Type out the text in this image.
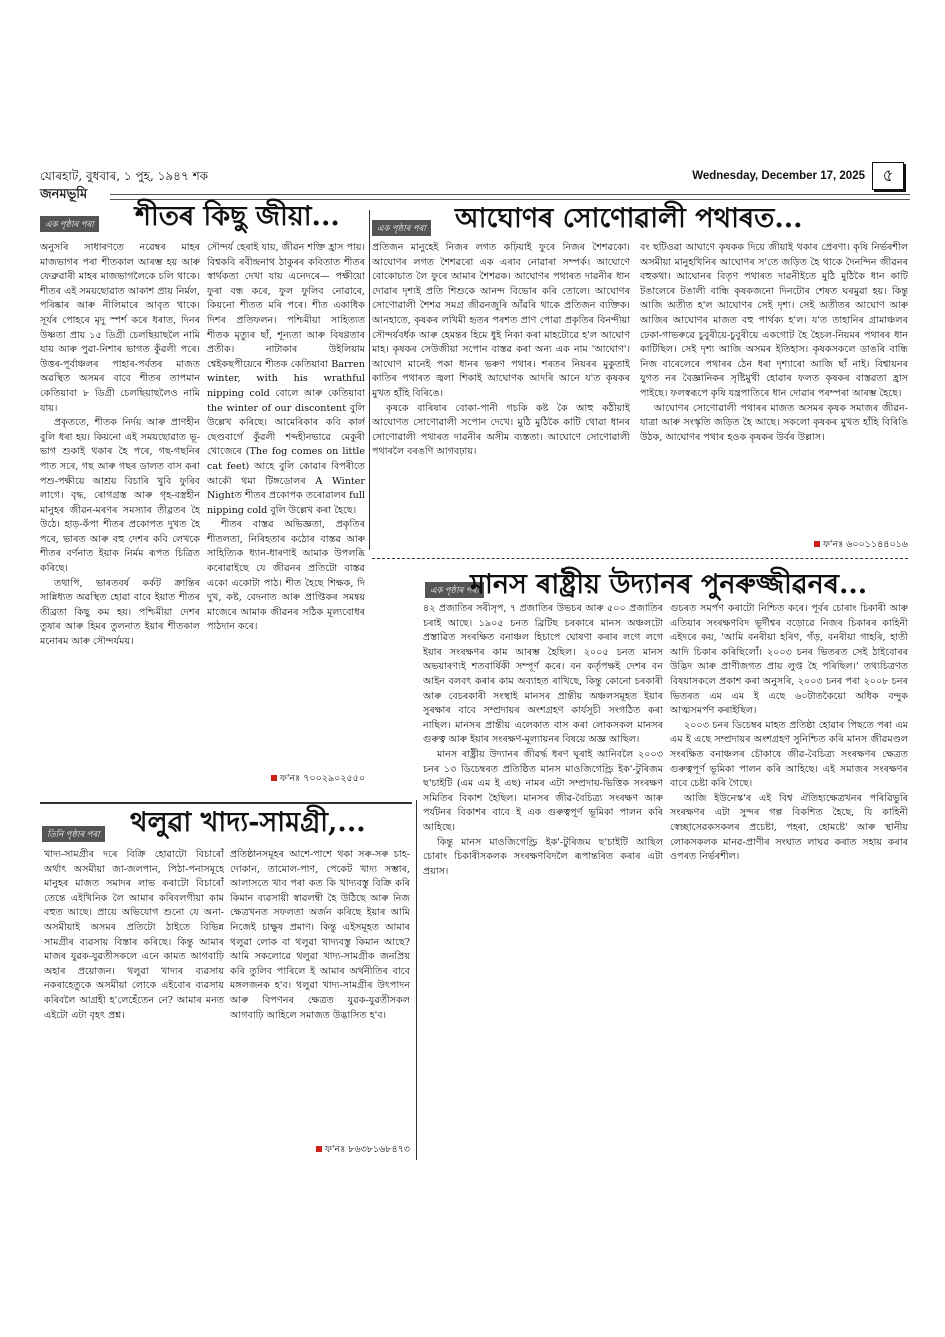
যোৰহাট, বুধবাৰ, ১ পুহ, ১৯৪৭ শক	Wednesday, December 17, 2025	৫
জনমভূমি
এক পৃষ্ঠাৰ পৰা শীতৰ কিছু জীয়া...

অনুসৰি সাধাৰণতে নৱেম্বৰ মাহৰ মাজভাগৰ পৰা শীতকাল আৰম্ভ হয় আৰু ফেব্ৰুৱাৰী মাহৰ মাজভাগলৈকে চলি থাকে। শীতৰ এই সময়ছোৱাত আকাশ প্ৰায় নিৰ্মল, পৰিষ্কাৰ আৰু নীলিমাৰে আবৃত থাকে। সূৰ্যৰ পোহৰে মৃদু স্পৰ্শ কৰে ধৰাত, দিনৰ উষ্ণতা প্ৰায় ১৫ ডিগ্ৰী চেলছিয়াছলৈ নামি যায় আৰু পুৱা-নিশাৰ ভাগত কুঁৱলী পৰে। উত্তৰ-পূৰ্বাঞ্চলৰ পাহাৰ-পৰ্বতৰ মাজত অৱস্থিত অসমৰ বাবে শীতৰ তাপমান কেতিয়াবা ৮ ডিগ্ৰী চেলছিয়াছলৈও নামি যায়।

প্ৰকৃততে, শীতক নিৰ্দয় আৰু প্ৰাণহীন বুলি ধৰা হয়। কিয়নো এই সময়ছোৱাত ভূ-ভাগ শুকাই থকাৰ হৈ পৰে, গছ-গছনিৰ পাত সৰে, গছ আৰু গছৰ ডালত বাস কৰা পশু-পক্ষীয়ে আশ্ৰয় বিচাৰি খুবি ফুৰিব লাগে। বৃদ্ধ, ৰোগগ্ৰস্ত আৰু গৃহ-বস্ত্ৰহীন মানুহৰ জীৱন-মৰণৰ সমস্যাৰ তীৱ্ৰতৰ হৈ উঠে। হাড়-কঁপা শীতৰ প্ৰকোপত দুখত হৈ পৰে, ভাৰত আৰু বহু দেশৰ কবি লেখকে শীতৰ বৰ্ণনাত ইয়াক নিৰ্মম ৰূপত চিত্ৰিত কৰিছে।

তথাপি, ভাৰতবৰ্ষ কৰ্কট ক্ৰান্তিৰ সান্নিধ্যত অৱস্থিত হোৱা বাবে ইয়াত শীতৰ তীব্ৰতা কিছু কম হয়। পশ্চিমীয়া দেশৰ তুষাৰ আৰু হিমৰ তুলনাত ইয়াৰ শীতকাল মনোৰম আৰু সৌন্দৰ্যময়।

সৌন্দৰ্য হেৰাই যায়, জীৱন শক্তি হ্ৰাস পায়। বিশ্বকবি ৰবীন্দ্ৰনাথ ঠাকুৰৰ কবিতাত শীতৰ স্বাৰ্থকতা দেখা যায় এনেদৰে— পক্ষীয়ো ফুৰা বন্ধ কৰে, ফুল ফুলিব নোৱাৰে, কিয়নো শীতত মৰি পৰে। শীত একাধিক দিশৰ প্ৰতিফলন। পশ্চিমীয়া সাহিত্যত শীতক মৃত্যুৰ ছাঁ, শূন্যতা আৰু বিষণ্ণতাৰ প্ৰতীক। নাটাকাৰ উইলিয়াম শ্বেইকছপীয়েৰে শীতক কেতিয়াবা Barren winter, with his wrathful nipping cold বোলে আৰু কেতিয়াবা the winter of our discontent বুলি উল্লেখ কৰিছে। আমেৰিকাৰ কবি কাৰ্ল ছেণ্ডবাৰ্গে কুঁৱলী শব্দহীনভাৱে মেকুৰী খোজেৰে (The fog comes on little cat feet) আহে বুলি কোৱাৰ বিপৰীতে আকৌ থমা টিঙ্গডোলৰ A Winter Nightত শীতৰ প্ৰকোপক তৰোৱালৰ full nipping cold বুলি উল্লেখ কৰা হৈছে।

শীতৰ বাস্তৱ অভিজ্ঞতা, প্ৰকৃতিৰ শীতলতা, নিৰিহতাৰ কঠোৰ বাস্তৱ আৰু সাহিত্যিক ধ্যান-ধাৰণাই আমাক উপলব্ধি কৰোৱাইছে যে জীৱনৰ প্ৰতিটো বাস্তৱ একো একোটা পাঠ। শীত হৈছে শিক্ষক, দি দুখ, কষ্ট, বেদনাত আৰু প্ৰাপ্তিকৰ সমন্বয় মাজেৰে আমাক জীৱনৰ সঠিক মূল্যবোধৰ পাঠদান কৰে।

ফ'নঃ ৭০০২৯০২৫৫০
এক পৃষ্ঠাৰ পৰা আঘোণৰ সোণোৱালী পথাৰত...

প্ৰতিজন মানুহেই নিজৰ লগত কঢ়িয়াই ফুৰে নিজৰ শৈশৱকো। আঘোণৰ লগত শৈশৱৰো এক এৰাব নোৱাৰা সম্পৰ্ক। আঘোণে বোকোচাত লৈ ফুৰে আমাৰ শৈশৱক। আঘোণৰ পথাৰত দাৱনীৰ ধান দোৱাৰ দৃশ্যই প্ৰতি শিশুকে আনন্দ বিভোৰ কৰি তোলে। আঘোণৰ সোণোৱালী শৈশৱ সমগ্ৰ জীৱনজুৰি আঁৱৰি থাকে প্ৰতিজন ব্যক্তিক। আনহাতে, কৃষকৰ লখিমী হৃতৰ পৰশত প্ৰাণ পোৱা প্ৰকৃতিৰ বিনন্দীয়া সৌন্দৰ্যবৰ্ধক আৰু হেমন্তৰ হিমে ধুই নিকা কৰা মাহটোৱে হ'ল আঘোণ মাহ। কৃষকৰ সেউজীয়া সপোন বাস্তৱ কৰা অন্য এক নাম 'আঘোণ'। আঘোণ মানেই পকা ধানৰ ভৰুণ পথাৰ। শৰতৰ নিয়ৰৰ মুকুতাই কাতিৰ পথাৰত জ্বলা শিকাই আঘোণক আদৰি আনে য'ত কৃষকৰ মুখত হাঁহি বিৰিঙে।

কৃষকে বাৰিষাৰ বোকা-পানী গচকি কষ্ট কৈ আহু কঠীয়াই আঘোণত সোণোৱালী সপোন দেখে। মুঠি মুঠিকৈ কাটি থোৱা ধানৰ সোণোৱালী পথাৰত দাৱনীৰ অসীম ব্যস্ততা। আঘোণে সোণোৱালী পথাৰলৈ বৰঙণি আগবঢ়ায়।

বং ছটিওৱা আঘাণে কৃষকক দিয়ে জীয়াই থকাৰ প্ৰেৰণা। কৃষি নিৰ্ভৰশীল অসমীয়া মানুহখিনিৰ আঘোণৰ স'তে জড়িত হৈ থাকে দৈনন্দিন জীৱনৰ বহুকথা। আঘোনৰ বিতৃণ পথাৰত দাৱনীইতে মুঠি মুঠিকৈ ধান কাটি টঙালেৰে টঙালী বান্ধি কৃষকজনো দিনটোৰ শেষত ঘৰমুৱা হয়। কিন্তু আজি অতীত হ'ল আঘোণৰ সেই দৃশ্য। সেই অতীতৰ আঘোণ আৰু আজিৰ আঘোণৰ মাজত বহু পাৰ্থক্য হ'ল। য'ত তাহানিৰ গ্ৰামাঞ্চলৰ ঢেকা-গাভৰুৱে চুবুৰীয়ে-চুবুৰীয়ে একগোট হৈ হৈচল-নিয়মৰ পথাৰৰ ধান কাটিছিল। সেই দৃশ্য আজি অসমৰ ইতিহাস। কৃষকসকলে ডাঙৰি বান্ধি নিজ বাৰেলেৰে পথাৰৰ ঠেন ধৰা দৃশ্যাৰো আজি ছাঁ নাই। বিশ্বায়নৰ যুগত নৰ বৈজ্ঞানিকৰ সৃষ্টিমুখী হোৱাৰ ফলত কৃষকৰ বাস্তৱতা হ্ৰাস পাইছে। ফলস্বৰূপে কৃষি যন্ত্ৰপাতিৰে ধান দোৱাৰ পৰম্পৰা আৰম্ভ হৈছে।

আঘোণৰ সোণোৱালী পথাৰৰ মাজত অসমৰ কৃষক সমাজৰ জীৱন-যাত্ৰা আৰু সংস্কৃতি জড়িত হৈ আছে। সকলো কৃষকৰ মুখত হাঁহি বিৰিঙি উঠক, আঘোণৰ পথাৰ হওক কৃষকৰ উৰ্বৰ উল্লাস।

ফ'নঃ ৬০০১১৪৪০১৬
এক পৃষ্ঠাৰ পৰা
মানস ৰাষ্ট্ৰীয় উদ্যানৰ পুনৰুজ্জীৱনৰ...

৪২ প্ৰজাতিৰ সৰীসৃপ, ৭ প্ৰজাতিৰ উভচৰ আৰু ৫০০ প্ৰজাতিৰ চৰাই আছে। ১৯০৫ চনত ব্ৰিটিছ চৰকাৰে মানস অঞ্চলটো প্ৰস্তাৱিত সংৰক্ষিত বনাঞ্চল হিচাপে ঘোষণা কৰাৰ লগে লগে ইয়াৰ সংৰক্ষণৰ কাম আৰম্ভ হৈছিল। ২০০৫ চনত মানস অভয়াৰণ্যই শতবাৰ্ষিকী সম্পূৰ্ণ কৰে। বন কৰ্তৃপক্ষই দেশৰ বন আইন বলবৎ কৰাৰ কাম অব্যাহত ৰাখিছে, কিন্তু কোনো চৰকাৰী আৰু বেচৰকাৰী সংস্থাই মানসৰ প্ৰান্তীয় অঞ্চলসমূহত ইয়াৰ সুৰক্ষাৰ বাবে সম্প্ৰদায়ৰ অংশগ্ৰহণ কাৰ্যসূচী সংগঠিত কৰা নাছিল। মানসৰ প্ৰান্তীয় এলেকাত বাস কৰা লোকসকল মানসৰ গুৰুত্ব আৰু ইয়াৰ সংৰক্ষণ-মূল্যায়নৰ বিষয়ে অজ্ঞ আছিল।

মানস ৰাষ্ট্ৰীয় উদ্যানৰ জীৱৰ্দ্ধ ধৰণ ঘূৰাই আনিবলৈ ২০০৩ চনৰ ১৩ ডিচেম্বৰত প্ৰতিষ্ঠিত মানস মাওজিগেণ্ড্ৰি ইক'-টুৰিজম ছ'চাইটি (এম এম ই এছ) নামৰ এটা সম্প্ৰদায়-ভিত্তিক সংৰক্ষণ সমিতিৰ বিকাশ হৈছিল। মানসৰ জীৱ-বৈচিত্ৰ্য সংৰক্ষণ আৰু পৰ্যটনৰ বিকাশৰ বাবে ই এক গুৰুত্বপূৰ্ণ ভূমিকা পালন কৰি আহিছে।

কিন্তু মানস মাওজিগেণ্ড্ৰি ইক'-টুৰিজম ছ'চাইটি আছিল চোৰাং চিকাৰীসকলক সংৰক্ষণবিদলৈ ৰূপান্তৰিত কৰাৰ এটা প্ৰয়াস।

গুচৰত সমৰ্পণ কৰাটো নিশ্চিত কৰে। পূৰ্বৰ চোৰাং চিকাৰী আৰু এতিয়াৰ সংৰক্ষণবিদ ভূৰ্দীশ্বৰ বড়োৱে নিজৰ চিকাৰৰ কাহিনী এইদৰে কয়, 'আমি বনৰীয়া হৰিণ, গঁড়, বনৰীয়া গাহৰি, হাতী আদি চিকাৰ কৰিছিলোঁ। ২০০৩ চনৰ ভিতৰত সেই ঠাইবোৰৰ উদ্ভিদ আৰু প্ৰাণীজগত প্ৰায় লুপ্ত হৈ পৰিছিল।' তথ্যচিত্ৰণত বিষয়াসকলে প্ৰকাশ কৰা অনুসৰি, ২০০৩ চনৰ পৰা ২০০৮ চনৰ ভিতৰত এম এম ই এছে ৬০টাতকৈয়ো অধিক বন্দুক আত্মসমৰ্পণ কৰাইছিল।

২০০৩ চনৰ ডিচেম্বৰ মাহত প্ৰতিষ্ঠা হোৱাৰ পিছতে পৰা এম এম ই এছে সম্প্ৰদায়ৰ অংশগ্ৰহণ সুনিশ্চিত কৰি মানস জীৱমণ্ডল সংৰক্ষিত বনাঞ্চলৰ চৌকাষে জীৱ-বৈচিত্ৰ্য সংৰক্ষণৰ ক্ষেত্ৰত গুৰুত্বপূৰ্ণ ভূমিকা পালন কৰি আহিছে। এই সমাজৰ সংৰক্ষণৰ বাবে চেষ্টা কৰি গৈছে।

আজি ইউনেস্ক'ৰ এই বিশ্ব ঐতিহ্যক্ষেত্ৰখনৰ পৰিৱিভুৰি সংৰক্ষণৰ এটা সুন্দৰ গল্প বিকশিত হৈছে, যি কাহিনী স্বেচ্ছাসেৱকসকলৰ প্ৰচেষ্টা, পহৰা, হোমষ্টে' আৰু স্থানীয় লোকসকলক মানৱ-প্ৰাণীৰ সংঘাত লাঘৱ কৰাত সহায় কৰাৰ ওপৰত নিৰ্ভৰশীল।

তিনি পৃষ্ঠাৰ পৰা থলুৱা খাদ্য-সামগ্ৰী,...

খাদ্য-সামগ্ৰীৰ দৰে বিক্ৰি হোৱাটো বিচাৰোঁ অৰ্থাৎ অসমীয়া জা-জলপান, পিঠা-পনাসমূহে মানুহৰ মাজত সমাদৰ লাভ কৰাটো বিচাৰোঁ তেন্তে এইখিনিক লৈ আমাৰ কৰিবলগীয়া কাম বহুত আছে। প্ৰায়ে অভিযোগ শুনো যে অনা-অসমীয়াই অসমৰ প্ৰতিটো ঠাইতে বিভিন্ন সামগ্ৰীৰ ব্যৱসায় বিস্তাৰ কৰিছে। কিন্তু আমাৰ মাজৰ যুৱক-যুৱতীসকলে এনে কামত আগবাঢ়ি অহাৰ প্ৰয়োজন। থলুৱা খাদ্যৰ ব্যৱসায় নকৰাহেতুকে অসমীয়া লোকে এইবোৰ ব্যৱসায় কৰিবলৈ আগ্ৰহী হ'লেহেঁতেন নে? আমাৰ মনত এইটো এটা বৃহৎ প্ৰশ্ন।

প্ৰতিষ্ঠানসমূহৰ আশে-পাশে থকা সৰু-সৰু চাহ-দোকান, তামোল-পাণ, পেকেট খাদ্য সম্ভাৰ, আলাসতে খাব পৰা কত কি খাদ্যবস্তু বিক্ৰি কৰি কিমান ব্যৱসায়ী স্বাৱলম্বী হৈ উঠিছে আৰু নিজ ক্ষেত্ৰখনত সফলতা অৰ্জন কৰিছে ইয়াৰ আমি নিজেই চাক্ষুষ প্ৰমাণ। কিন্তু এইসমূহত আমাৰ থলুৱা লোক বা থলুৱা খাদ্যবস্তু কিমান আছে? আমি সকলোৱে থলুৱা খাদ্য-সামগ্ৰীক জনপ্ৰিয় কৰি তুলিব পাৰিলে ই আমাৰ অৰ্থনীতিৰ বাবে মঙ্গলজনক হ'ব। থলুৱা খাদ্য-সামগ্ৰীৰ উৎপাদন আৰু বিপণনৰ ক্ষেত্ৰত যুৱক-যুৱতীসকল আগবাঢ়ি আহিলে সমাজত উদ্ভাসিত হ'ব।

ফ'নঃ ৮৬৩৮১৬৮৪৭৩
